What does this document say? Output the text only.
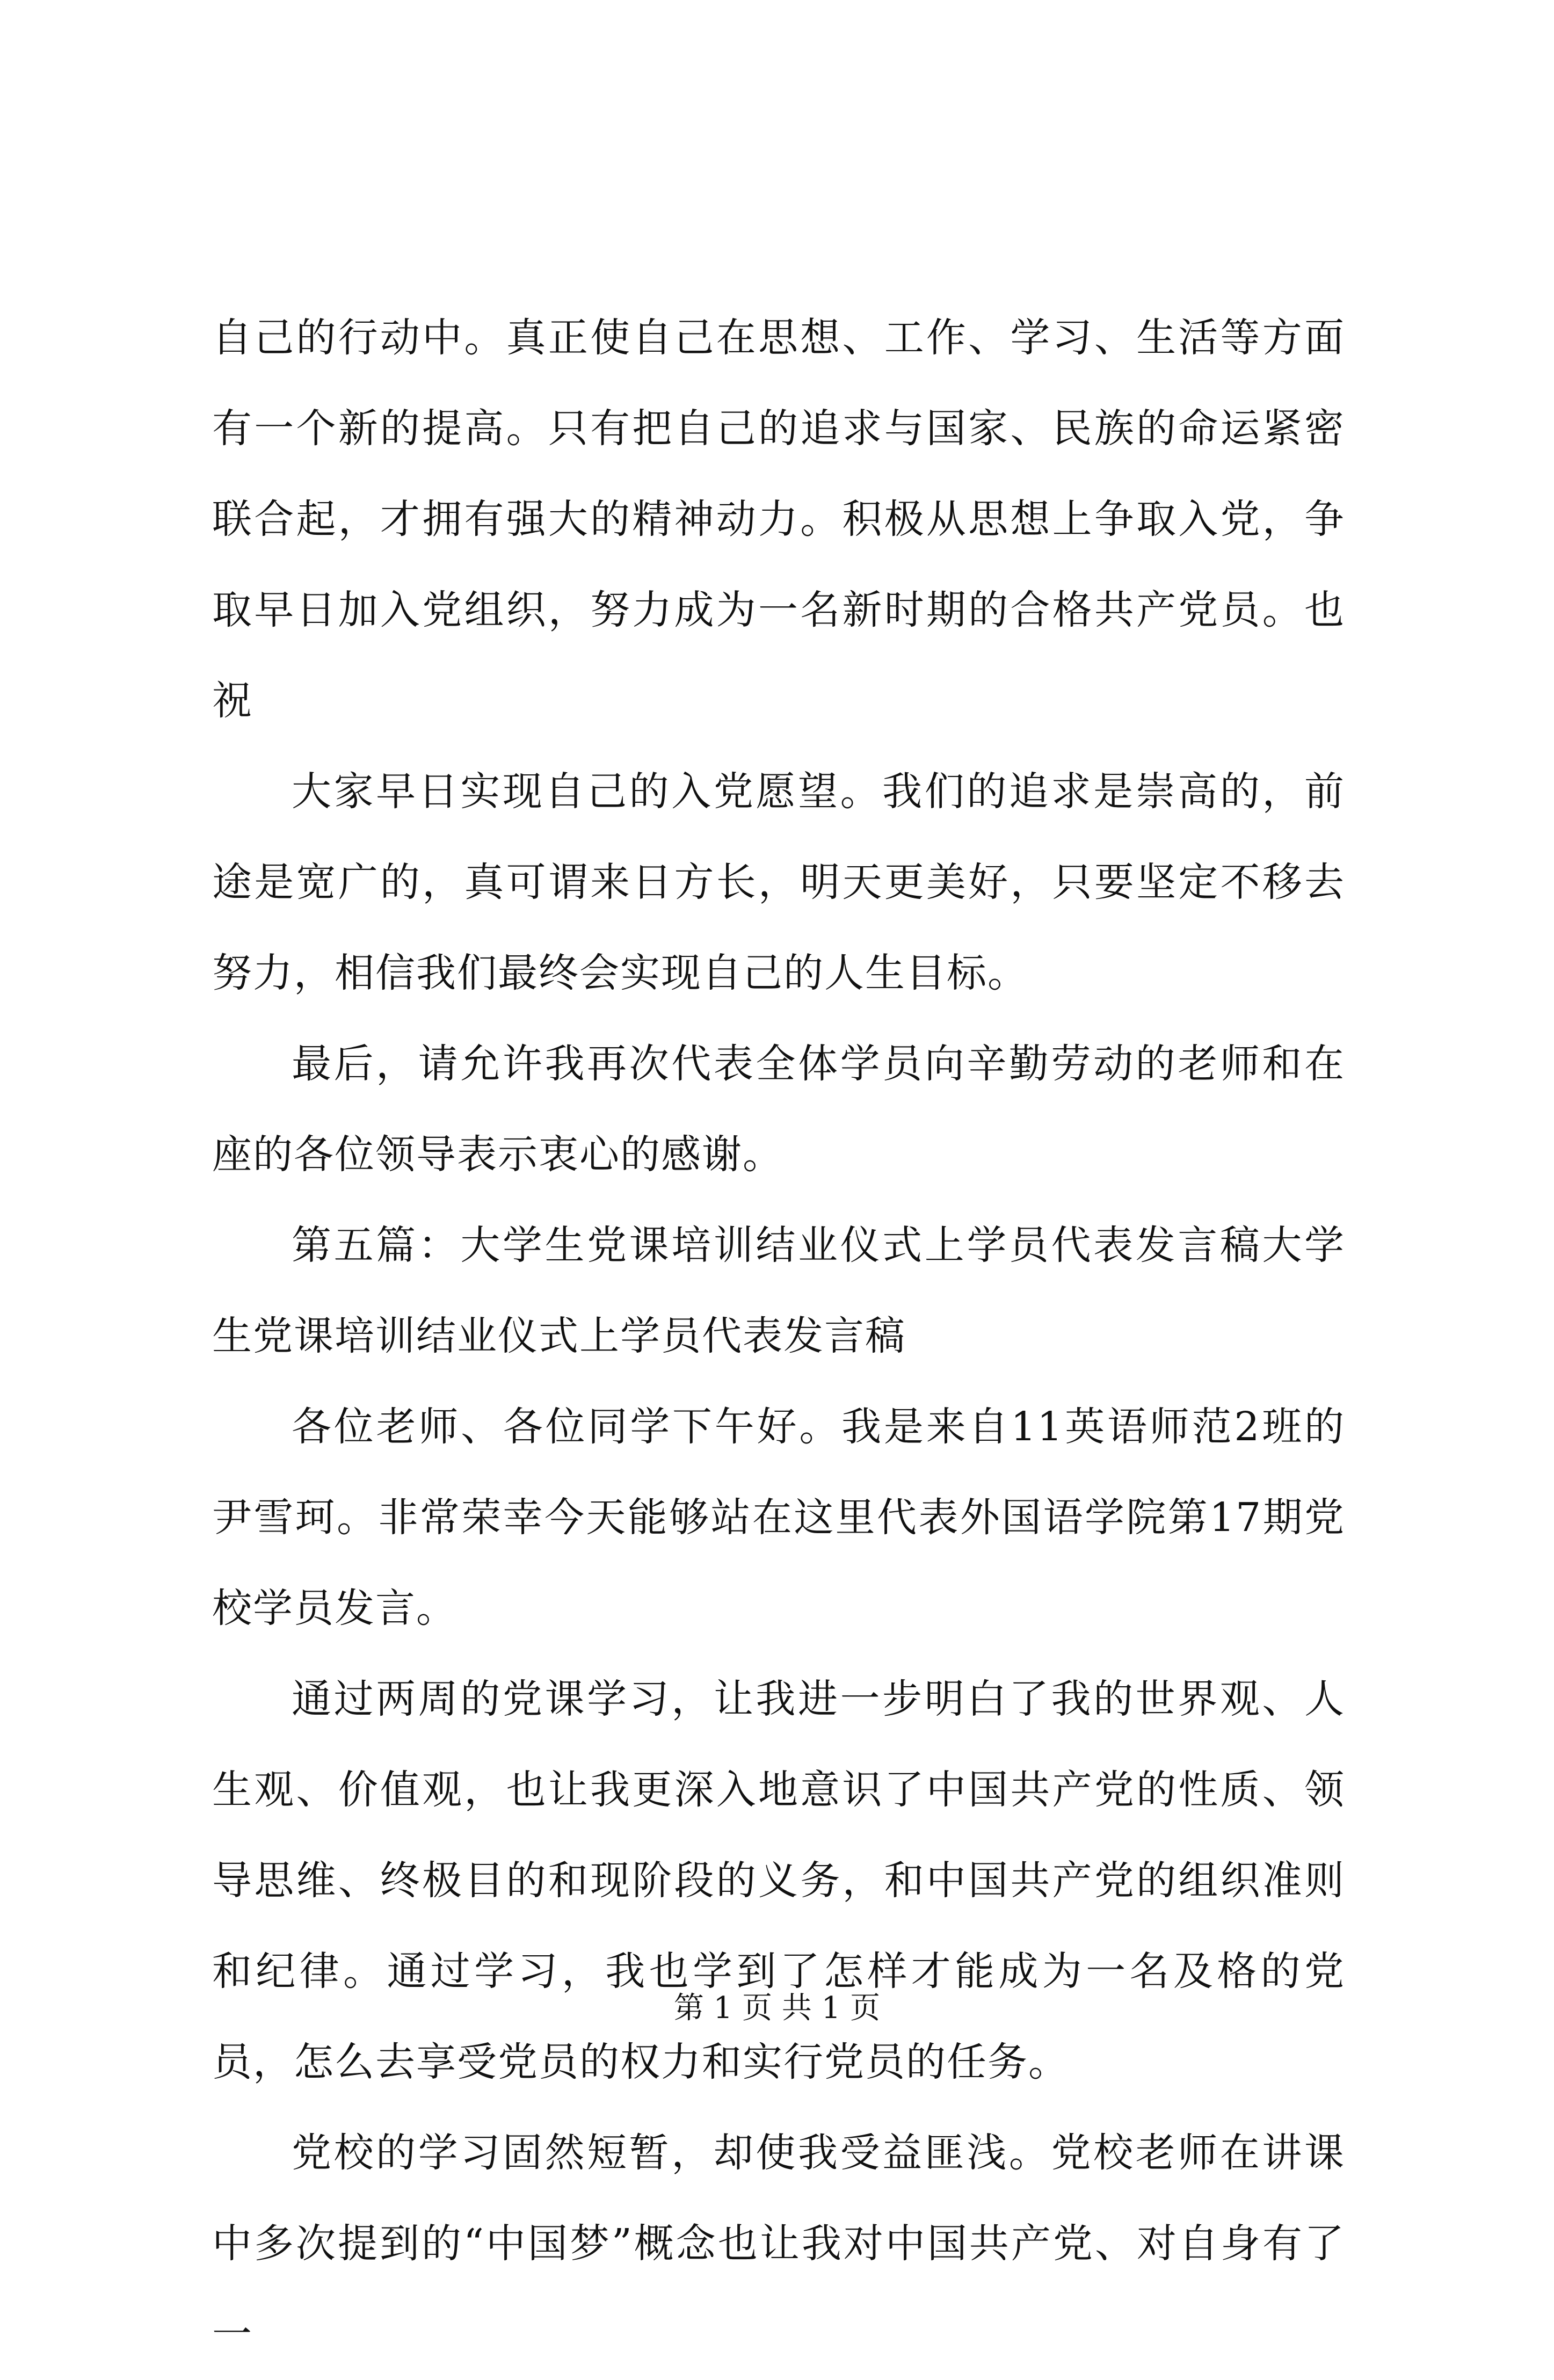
自己的行动中。真正使自己在思想、工作、学习、生活等方面有一个新的提高。只有把自己的追求与国家、民族的命运紧密联合起，才拥有强大的精神动力。积极从思想上争取入党，争取早日加入党组织，努力成为一名新时期的合格共产党员。也祝

大家早日实现自己的入党愿望。我们的追求是崇高的，前途是宽广的，真可谓来日方长，明天更美好，只要坚定不移去努力，相信我们最终会实现自己的人生目标。

最后，请允许我再次代表全体学员向辛勤劳动的老师和在座的各位领导表示衷心的感谢。

第五篇：大学生党课培训结业仪式上学员代表发言稿大学生党课培训结业仪式上学员代表发言稿

各位老师、各位同学下午好。我是来自11英语师范2班的尹雪珂。非常荣幸今天能够站在这里代表外国语学院第17期党校学员发言。

通过两周的党课学习，让我进一步明白了我的世界观、人生观、价值观，也让我更深入地意识了中国共产党的性质、领导思维、终极目的和现阶段的义务，和中国共产党的组织准则和纪律。通过学习，我也学到了怎样才能成为一名及格的党员，怎么去享受党员的权力和实行党员的任务。

党校的学习固然短暂，却使我受益匪浅。党校老师在讲课中多次提到的“中国梦”概念也让我对中国共产党、对自身有了一

第 1 页 共 1 页
